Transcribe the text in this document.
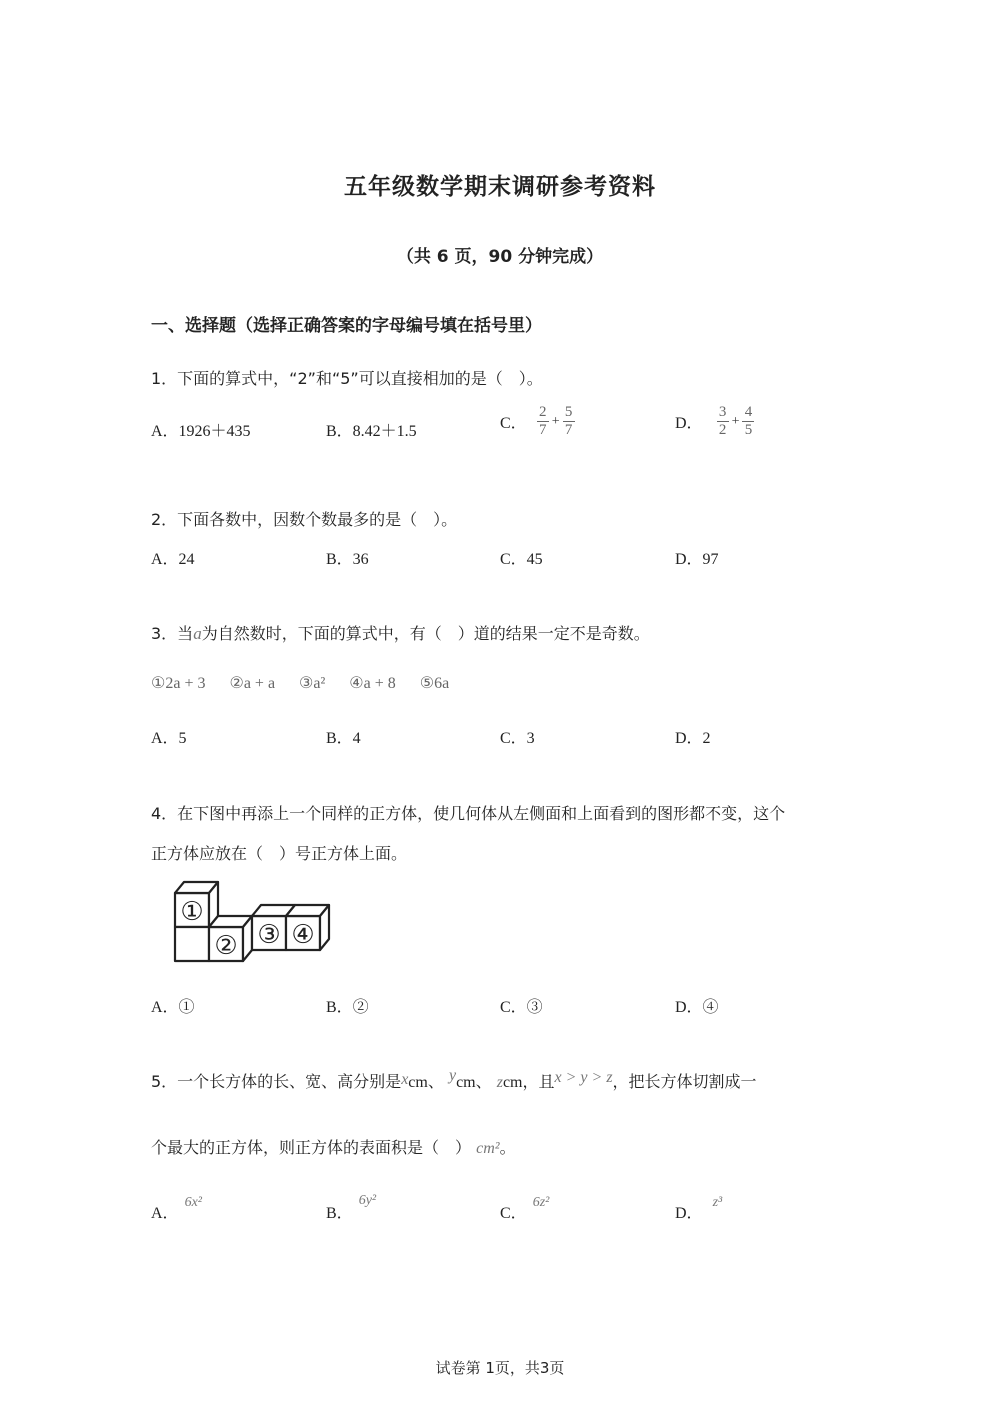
五年级数学期末调研参考资料
（共 6 页，90 分钟完成）
一、选择题（选择正确答案的字母编号填在括号里）
1．下面的算式中，“2”和“5”可以直接相加的是（　）。
A．1926＋435	B．8.42＋1.5	C． $\frac{2}{7} + \frac{5}{7}$	D． $\frac{3}{2} + \frac{4}{5}$
2．下面各数中，因数个数最多的是（　）。
A．24	B．36	C．45	D．97
3．当a为自然数时，下面的算式中，有（　）道的结果一定不是奇数。
①2a + 3 ②a + a ③a² ④a + 8 ⑤6a
A．5	B．4	C．3	D．2
4．在下图中再添上一个同样的正方体，使几何体从左侧面和上面看到的图形都不变，这个
正方体应放在（　）号正方体上面。
①
② ③ ④
A．①	B．②	C．③	D．④
5．一个长方体的长、宽、高分别是xcm、 ycm、 zcm，且x > y > z，把长方体切割成一
个最大的正方体，则正方体的表面积是（　） cm²。
A．6x²
B．6y²
C．6z²
D．z³
试卷第 1页，共3页
